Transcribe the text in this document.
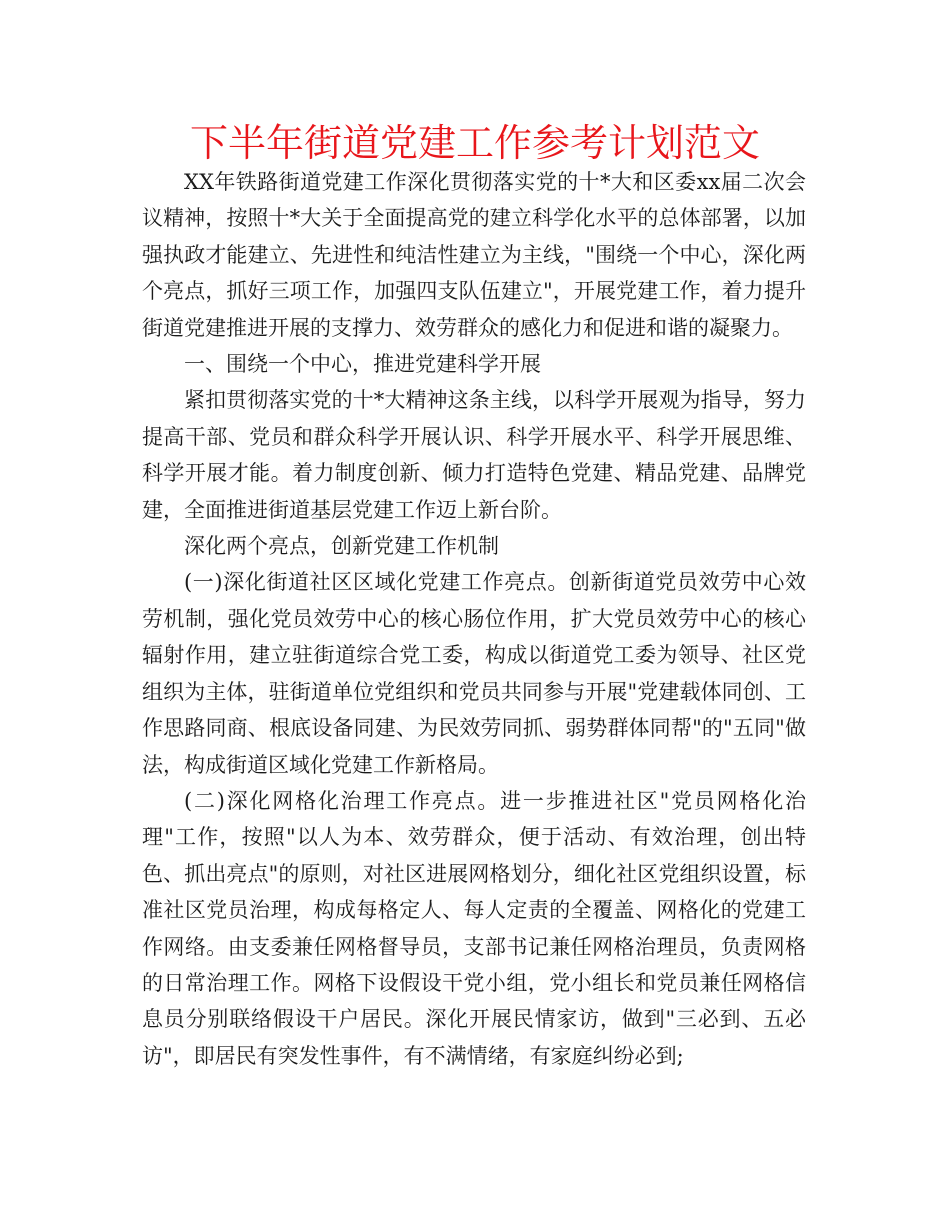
下半年街道党建工作参考计划范文

XX年铁路街道党建工作深化贯彻落实党的十*大和区委xx届二次会议精神，按照十*大关于全面提高党的建立科学化水平的总体部署，以加强执政才能建立、先进性和纯洁性建立为主线，"围绕一个中心，深化两个亮点，抓好三项工作，加强四支队伍建立"，开展党建工作，着力提升街道党建推进开展的支撑力、效劳群众的感化力和促进和谐的凝聚力。

一、围绕一个中心，推进党建科学开展

紧扣贯彻落实党的十*大精神这条主线，以科学开展观为指导，努力提高干部、党员和群众科学开展认识、科学开展水平、科学开展思维、科学开展才能。着力制度创新、倾力打造特色党建、精品党建、品牌党建，全面推进街道基层党建工作迈上新台阶。

深化两个亮点，创新党建工作机制

(一)深化街道社区区域化党建工作亮点。创新街道党员效劳中心效劳机制，强化党员效劳中心的核心肠位作用，扩大党员效劳中心的核心辐射作用，建立驻街道综合党工委，构成以街道党工委为领导、社区党组织为主体，驻街道单位党组织和党员共同参与开展"党建载体同创、工作思路同商、根底设备同建、为民效劳同抓、弱势群体同帮"的"五同"做法，构成街道区域化党建工作新格局。

(二)深化网格化治理工作亮点。进一步推进社区"党员网格化治理"工作，按照"以人为本、效劳群众，便于活动、有效治理，创出特色、抓出亮点"的原则，对社区进展网格划分，细化社区党组织设置，标准社区党员治理，构成每格定人、每人定责的全覆盖、网格化的党建工作网络。由支委兼任网格督导员，支部书记兼任网格治理员，负责网格的日常治理工作。网格下设假设干党小组，党小组长和党员兼任网格信息员分别联络假设干户居民。深化开展民情家访，做到"三必到、五必访"，即居民有突发性事件，有不满情绪，有家庭纠纷必到;
